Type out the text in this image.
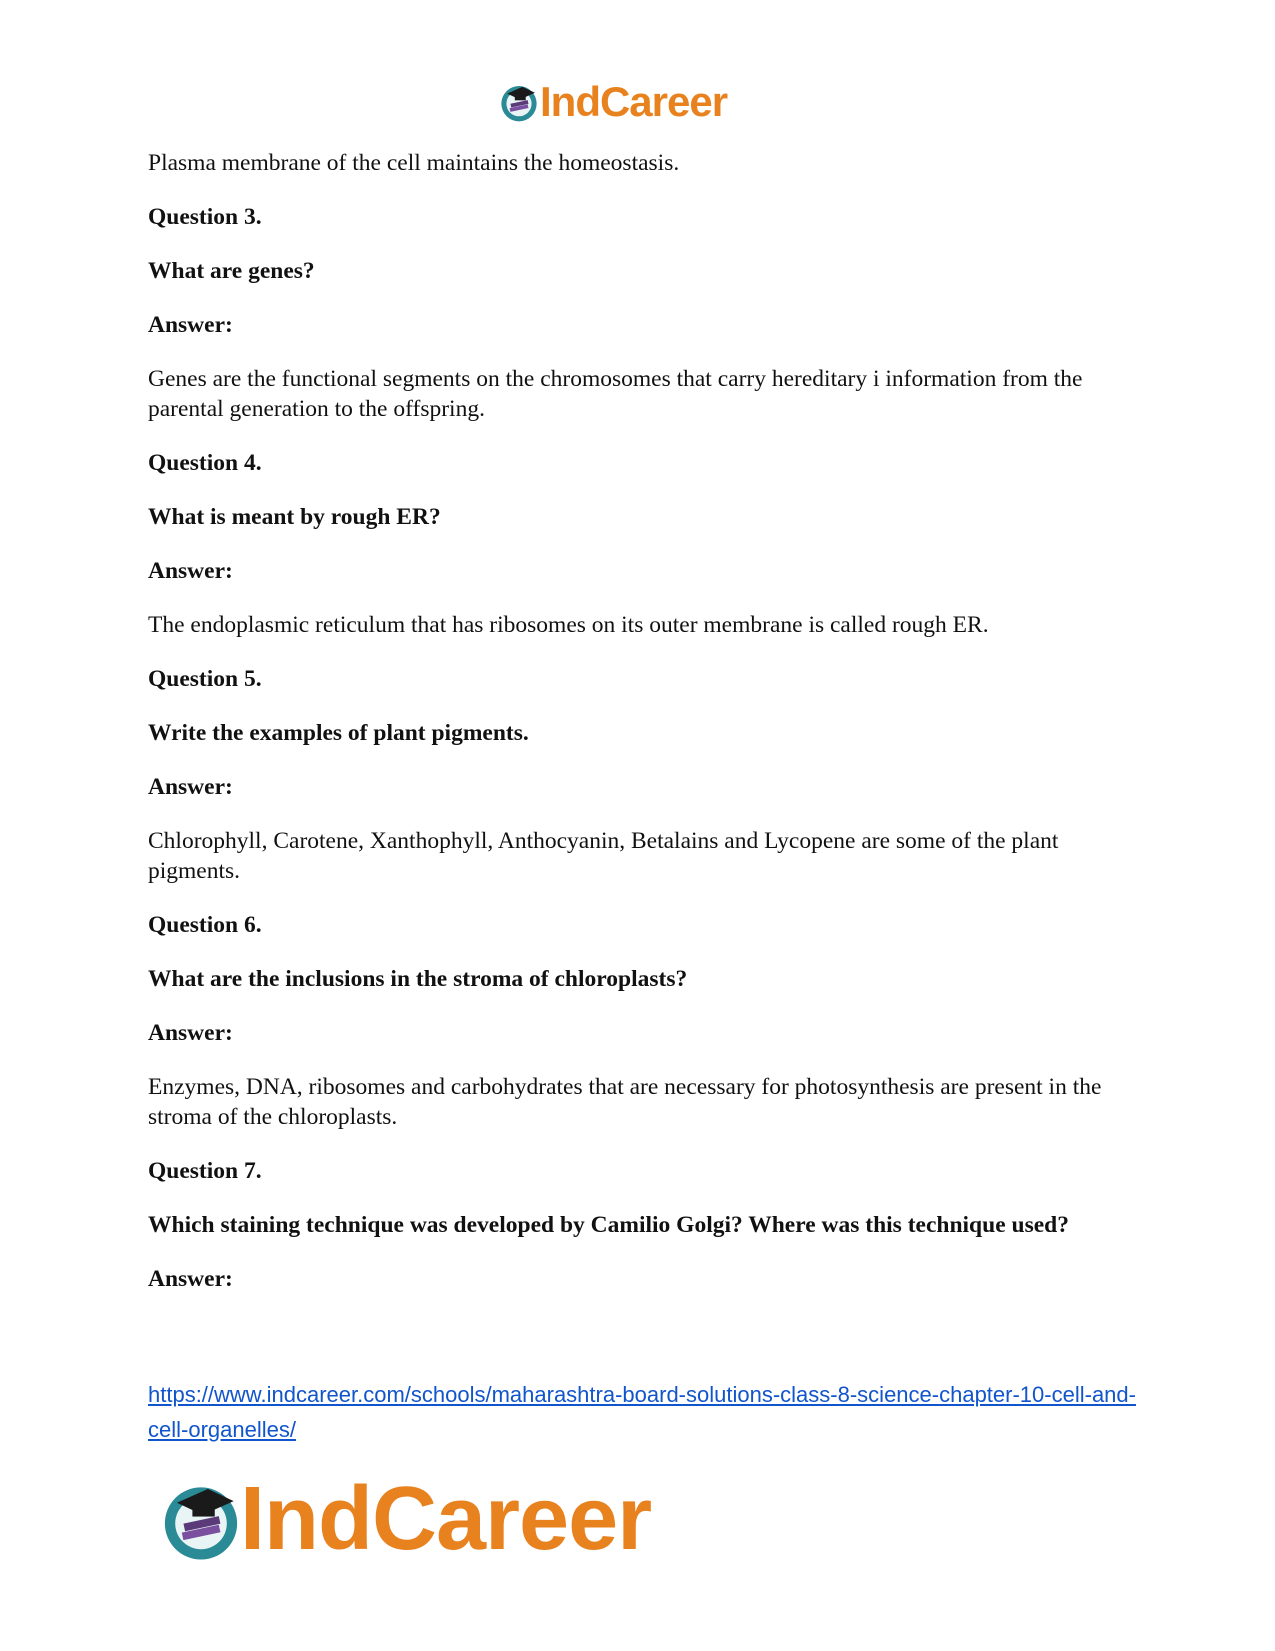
IndCareer

Plasma membrane of the cell maintains the homeostasis.

Question 3.

What are genes?

Answer:

Genes are the functional segments on the chromosomes that carry hereditary i information from the parental generation to the offspring.

Question 4.

What is meant by rough ER?

Answer:

The endoplasmic reticulum that has ribosomes on its outer membrane is called rough ER.

Question 5.

Write the examples of plant pigments.

Answer:

Chlorophyll, Carotene, Xanthophyll, Anthocyanin, Betalains and Lycopene are some of the plant pigments.

Question 6.

What are the inclusions in the stroma of chloroplasts?

Answer:

Enzymes, DNA, ribosomes and carbohydrates that are necessary for photosynthesis are present in the stroma of the chloroplasts.

Question 7.

Which staining technique was developed by Camilio Golgi? Where was this technique used?

Answer:

https://www.indcareer.com/schools/maharashtra-board-solutions-class-8-science-chapter-10-cell-and-cell-organelles/
IndCareer
